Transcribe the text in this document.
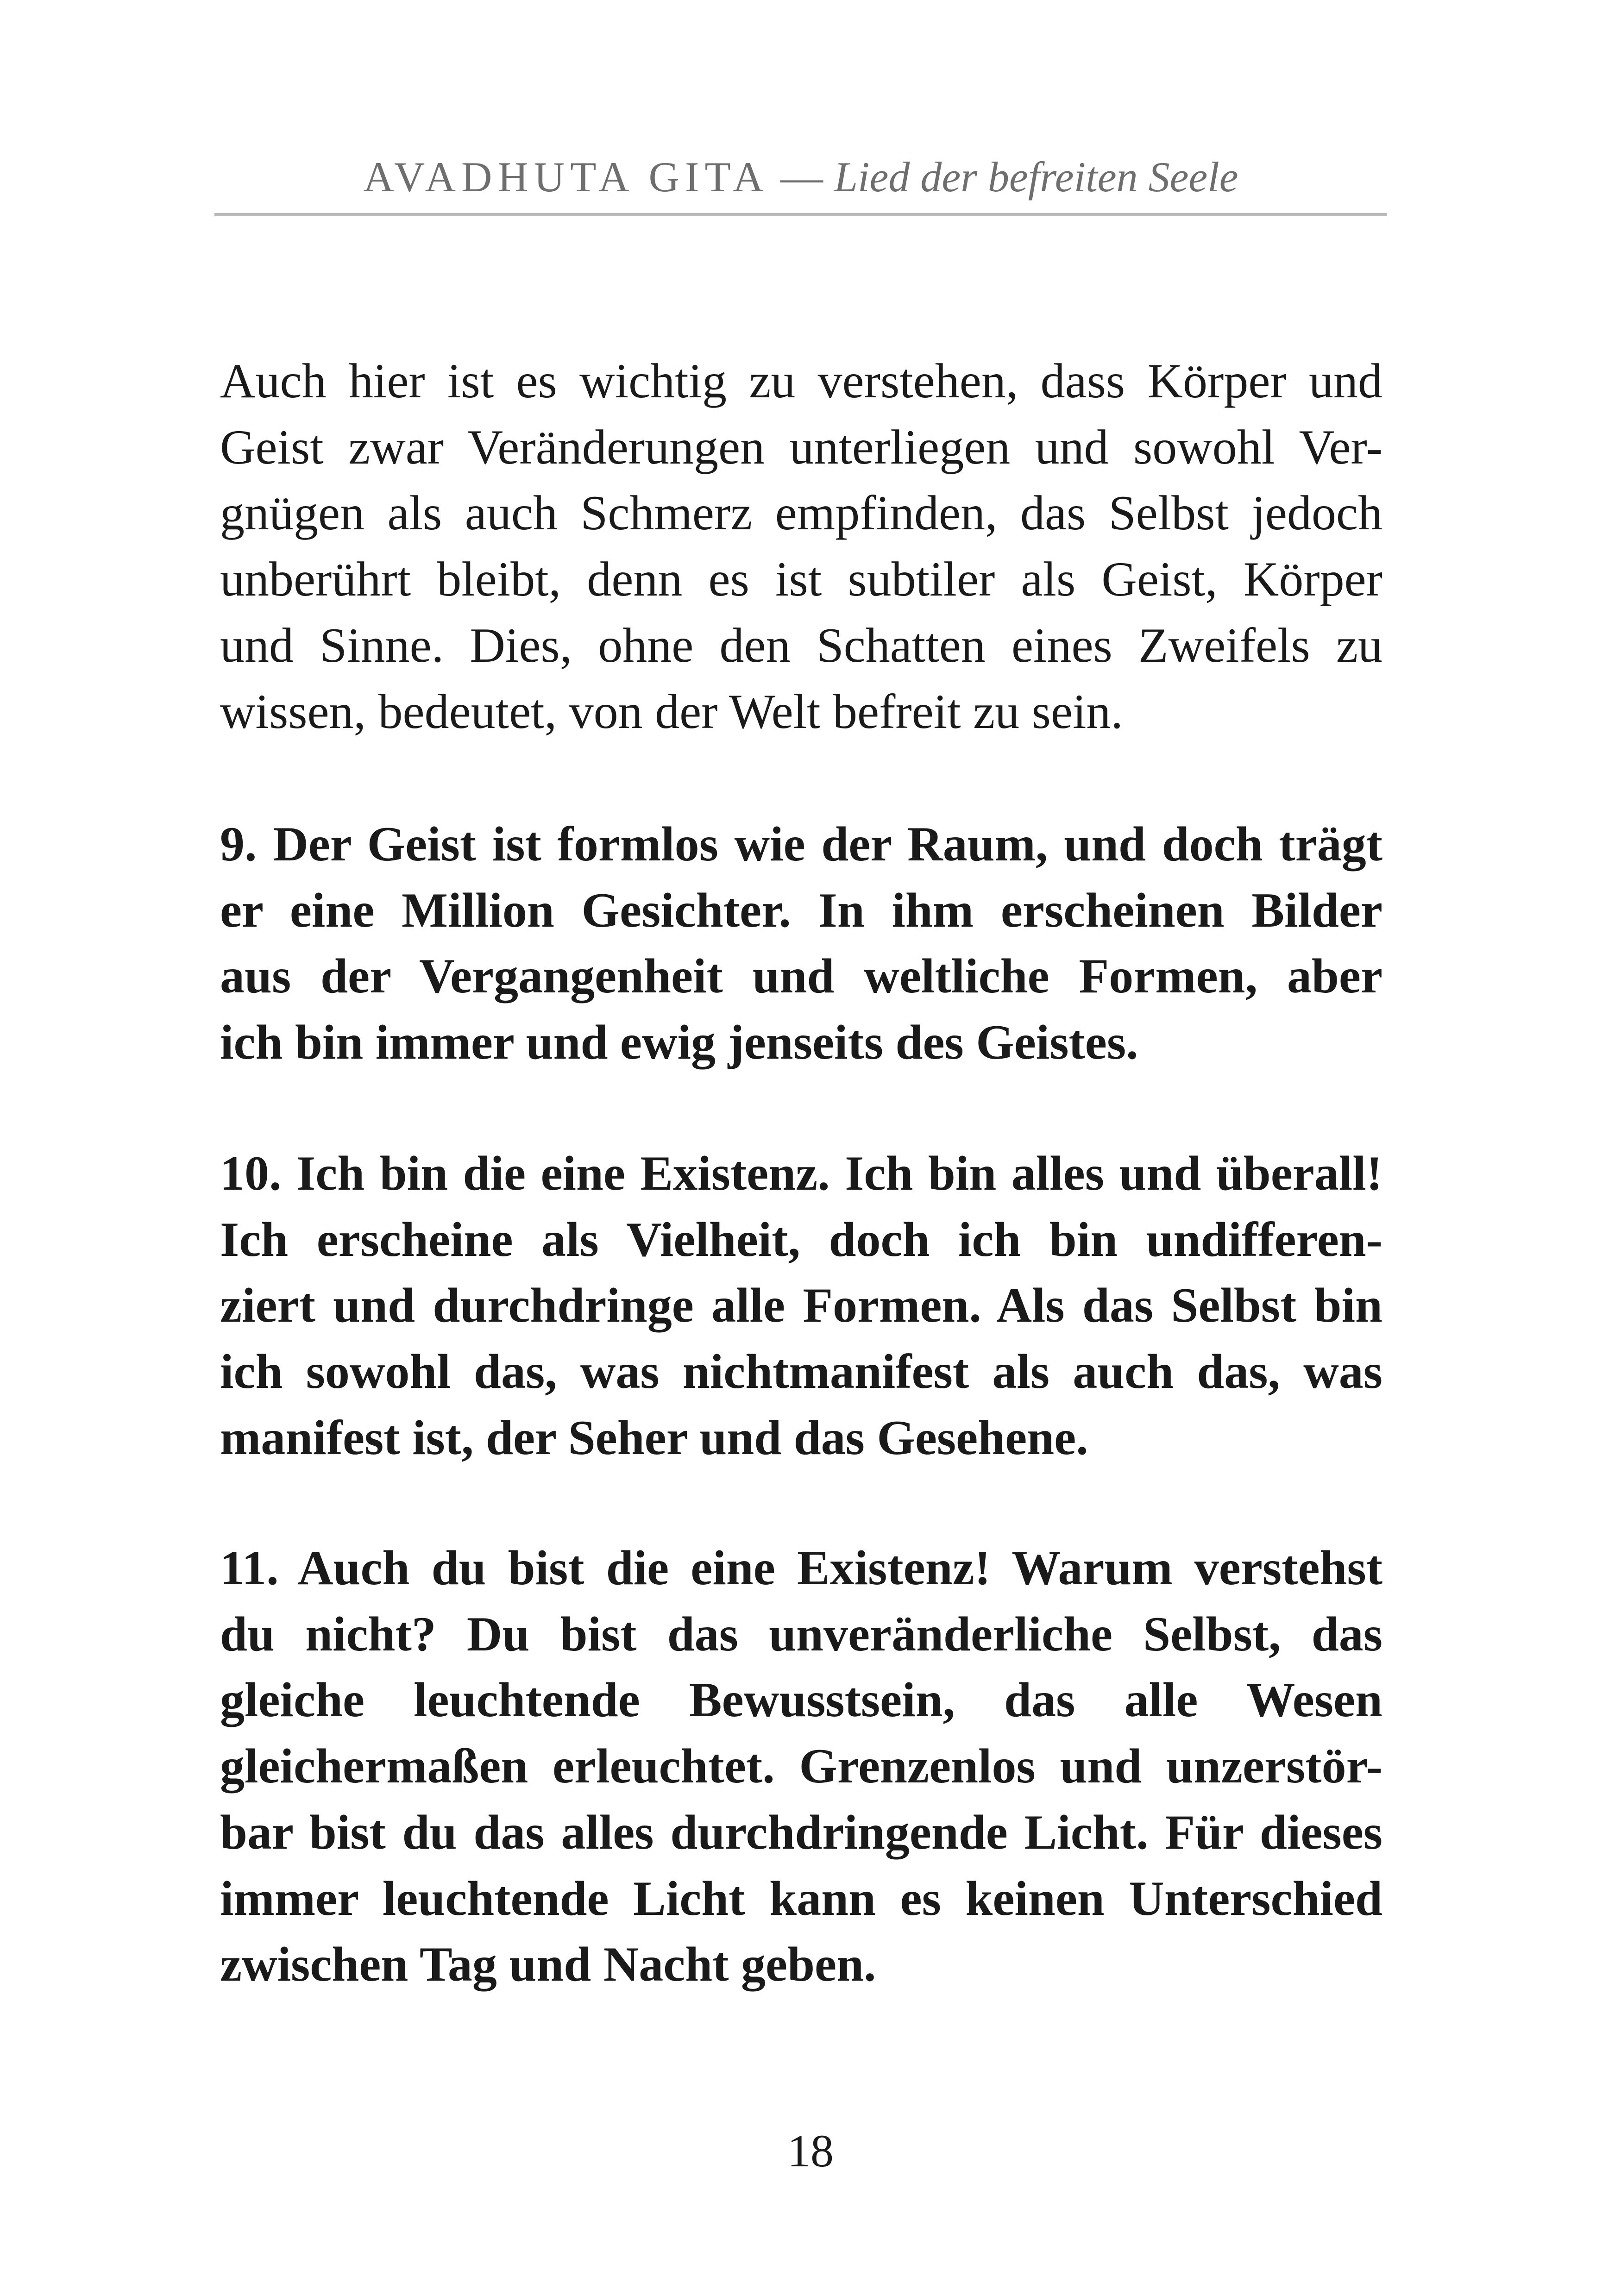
AVADHUTA GITA — Lied der befreiten Seele
Auch hier ist es wichtig zu verstehen, dass Körper und
Geist zwar Veränderungen unterliegen und sowohl Ver-
gnügen als auch Schmerz empfinden, das Selbst jedoch
unberührt bleibt, denn es ist subtiler als Geist, Körper
und Sinne. Dies, ohne den Schatten eines Zweifels zu
wissen, bedeutet, von der Welt befreit zu sein.
9. Der Geist ist formlos wie der Raum, und doch trägt
er eine Million Gesichter. In ihm erscheinen Bilder
aus der Vergangenheit und weltliche Formen, aber
ich bin immer und ewig jenseits des Geistes.
10. Ich bin die eine Existenz. Ich bin alles und überall!
Ich erscheine als Vielheit, doch ich bin undifferen-
ziert und durchdringe alle Formen. Als das Selbst bin
ich sowohl das, was nichtmanifest als auch das, was
manifest ist, der Seher und das Gesehene.
11. Auch du bist die eine Existenz! Warum verstehst
du nicht? Du bist das unveränderliche Selbst, das
gleiche leuchtende Bewusstsein, das alle Wesen
gleichermaßen erleuchtet. Grenzenlos und unzerstör-
bar bist du das alles durchdringende Licht. Für dieses
immer leuchtende Licht kann es keinen Unterschied
zwischen Tag und Nacht geben.
18
